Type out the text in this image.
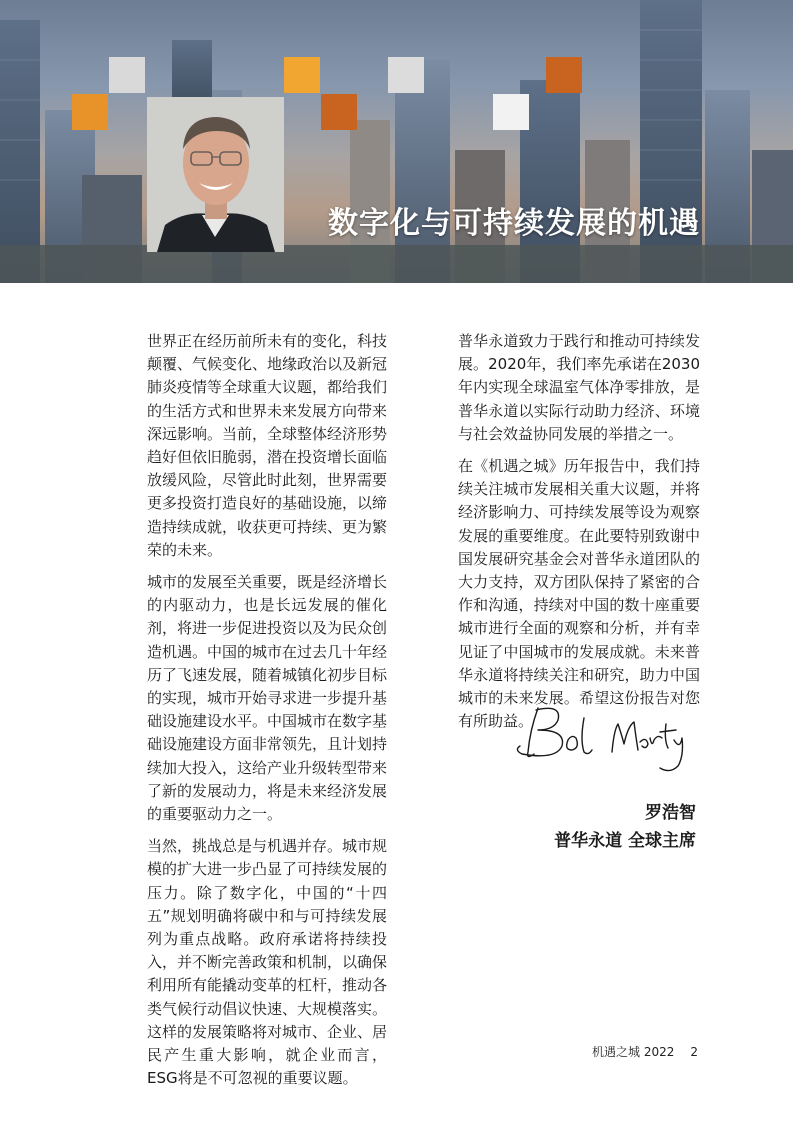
数字化与可持续发展的机遇

世界正在经历前所未有的变化，科技颠覆、气候变化、地缘政治以及新冠肺炎疫情等全球重大议题，都给我们的生活方式和世界未来发展方向带来深远影响。当前，全球整体经济形势趋好但依旧脆弱，潜在投资增长面临放缓风险，尽管此时此刻，世界需要更多投资打造良好的基础设施，以缔造持续成就，收获更可持续、更为繁荣的未来。

城市的发展至关重要，既是经济增长的内驱动力，也是长远发展的催化剂，将进一步促进投资以及为民众创造机遇。中国的城市在过去几十年经历了飞速发展，随着城镇化初步目标的实现，城市开始寻求进一步提升基础设施建设水平。中国城市在数字基础设施建设方面非常领先，且计划持续加大投入，这给产业升级转型带来了新的发展动力，将是未来经济发展的重要驱动力之一。

当然，挑战总是与机遇并存。城市规模的扩大进一步凸显了可持续发展的压力。除了数字化，中国的“十四五”规划明确将碳中和与可持续发展列为重点战略。政府承诺将持续投入，并不断完善政策和机制，以确保利用所有能撬动变革的杠杆，推动各类气候行动倡议快速、大规模落实。这样的发展策略将对城市、企业、居民产生重大影响，就企业而言，ESG将是不可忽视的重要议题。

普华永道致力于践行和推动可持续发展。2020年，我们率先承诺在2030年内实现全球温室气体净零排放，是普华永道以实际行动助力经济、环境与社会效益协同发展的举措之一。

在《机遇之城》历年报告中，我们持续关注城市发展相关重大议题，并将经济影响力、可持续发展等设为观察发展的重要维度。在此要特别致谢中国发展研究基金会对普华永道团队的大力支持，双方团队保持了紧密的合作和沟通，持续对中国的数十座重要城市进行全面的观察和分析，并有幸见证了中国城市的发展成就。未来普华永道将持续关注和研究，助力中国城市的未来发展。希望这份报告对您有所助益。

罗浩智
普华永道 全球主席
机遇之城 2022 2
